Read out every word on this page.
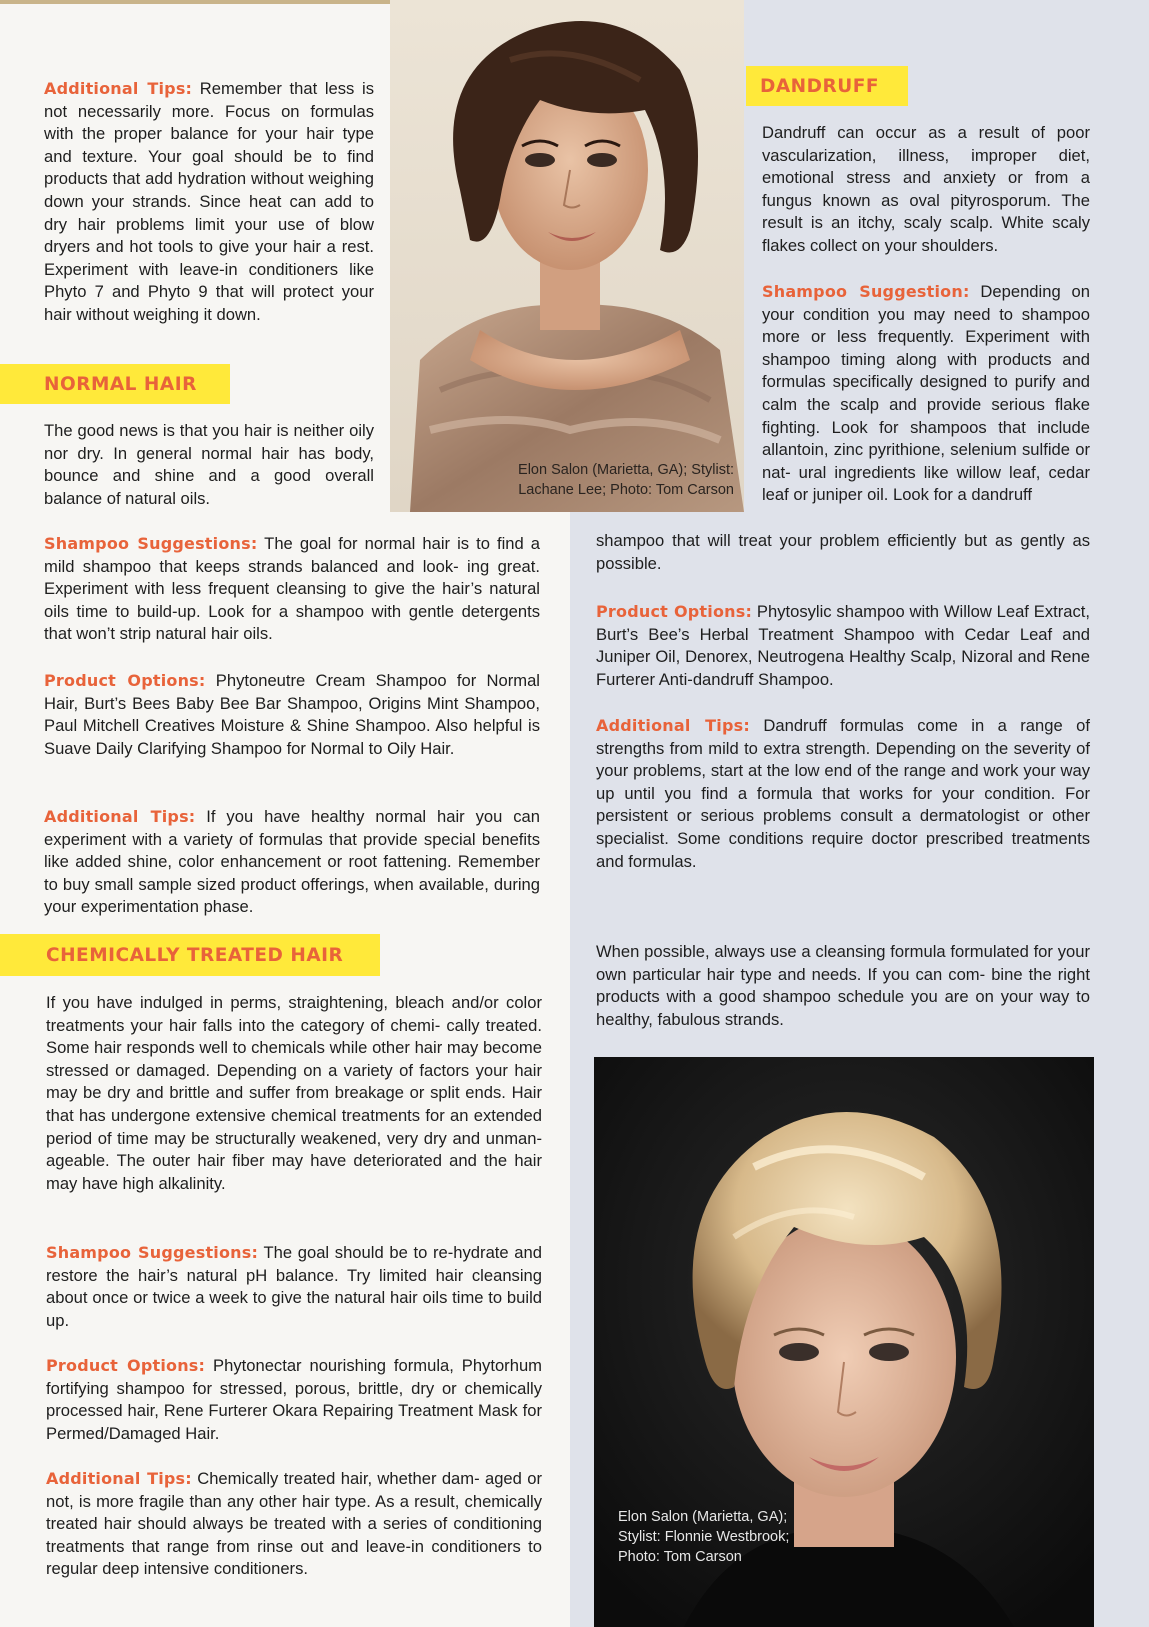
Elon Salon (Marietta, GA); Stylist:
Lachane Lee; Photo: Tom Carson

Additional Tips: Remember that less is not necessarily more. Focus on formulas with the proper balance for your hair type and texture. Your goal should be to find products that add hydration without weighing down your strands. Since heat can add to dry hair problems limit your use of blow dryers and hot tools to give your hair a rest. Experiment with leave-in conditioners like Phyto 7 and Phyto 9 that will protect your hair without weighing it down.

NORMAL HAIR

The good news is that you hair is neither oily nor dry. In general normal hair has body, bounce and shine and a good overall balance of natural oils.

Shampoo Suggestions: The goal for normal hair is to find a mild shampoo that keeps strands balanced and look- ing great. Experiment with less frequent cleansing to give the hair’s natural oils time to build-up. Look for a shampoo with gentle detergents that won’t strip natural hair oils.

Product Options: Phytoneutre Cream Shampoo for Normal Hair, Burt’s Bees Baby Bee Bar Shampoo, Origins Mint Shampoo, Paul Mitchell Creatives Moisture & Shine Shampoo. Also helpful is Suave Daily Clarifying Shampoo for Normal to Oily Hair.

Additional Tips: If you have healthy normal hair you can experiment with a variety of formulas that provide special benefits like added shine, color enhancement or root fattening. Remember to buy small sample sized product offerings, when available, during your experimentation phase.

CHEMICALLY TREATED HAIR

If you have indulged in perms, straightening, bleach and/or color treatments your hair falls into the category of chemi- cally treated. Some hair responds well to chemicals while other hair may become stressed or damaged. Depending on a variety of factors your hair may be dry and brittle and suffer from breakage or split ends. Hair that has undergone extensive chemical treatments for an extended period of time may be structurally weakened, very dry and unman- ageable. The outer hair fiber may have deteriorated and the hair may have high alkalinity.

Shampoo Suggestions: The goal should be to re-hydrate and restore the hair’s natural pH balance. Try limited hair cleansing about once or twice a week to give the natural hair oils time to build up.

Product Options: Phytonectar nourishing formula, Phytorhum fortifying shampoo for stressed, porous, brittle, dry or chemically processed hair, Rene Furterer Okara Repairing Treatment Mask for Permed/Damaged Hair.

Additional Tips: Chemically treated hair, whether dam- aged or not, is more fragile than any other hair type. As a result, chemically treated hair should always be treated with a series of conditioning treatments that range from rinse out and leave-in conditioners to regular deep intensive conditioners.

DANDRUFF

Dandruff can occur as a result of poor vascularization, illness, improper diet, emotional stress and anxiety or from a fungus known as oval pityrosporum. The result is an itchy, scaly scalp. White scaly flakes collect on your shoulders.

Shampoo Suggestion: Depending on your condition you may need to shampoo more or less frequently. Experiment with shampoo timing along with products and formulas specifically designed to purify and calm the scalp and provide serious flake fighting. Look for shampoos that include allantoin, zinc pyrithione, selenium sulfide or nat- ural ingredients like willow leaf, cedar leaf or juniper oil. Look for a dandruff

shampoo that will treat your problem efficiently but as gently as possible.

Product Options: Phytosylic shampoo with Willow Leaf Extract, Burt’s Bee’s Herbal Treatment Shampoo with Cedar Leaf and Juniper Oil, Denorex, Neutrogena Healthy Scalp, Nizoral and Rene Furterer Anti-dandruff Shampoo.

Additional Tips: Dandruff formulas come in a range of strengths from mild to extra strength. Depending on the severity of your problems, start at the low end of the range and work your way up until you find a formula that works for your condition. For persistent or serious problems consult a dermatologist or other specialist. Some conditions require doctor prescribed treatments and formulas.

When possible, always use a cleansing formula formulated for your own particular hair type and needs. If you can com- bine the right products with a good shampoo schedule you are on your way to healthy, fabulous strands.

Elon Salon (Marietta, GA);
Stylist: Flonnie Westbrook;
Photo: Tom Carson
